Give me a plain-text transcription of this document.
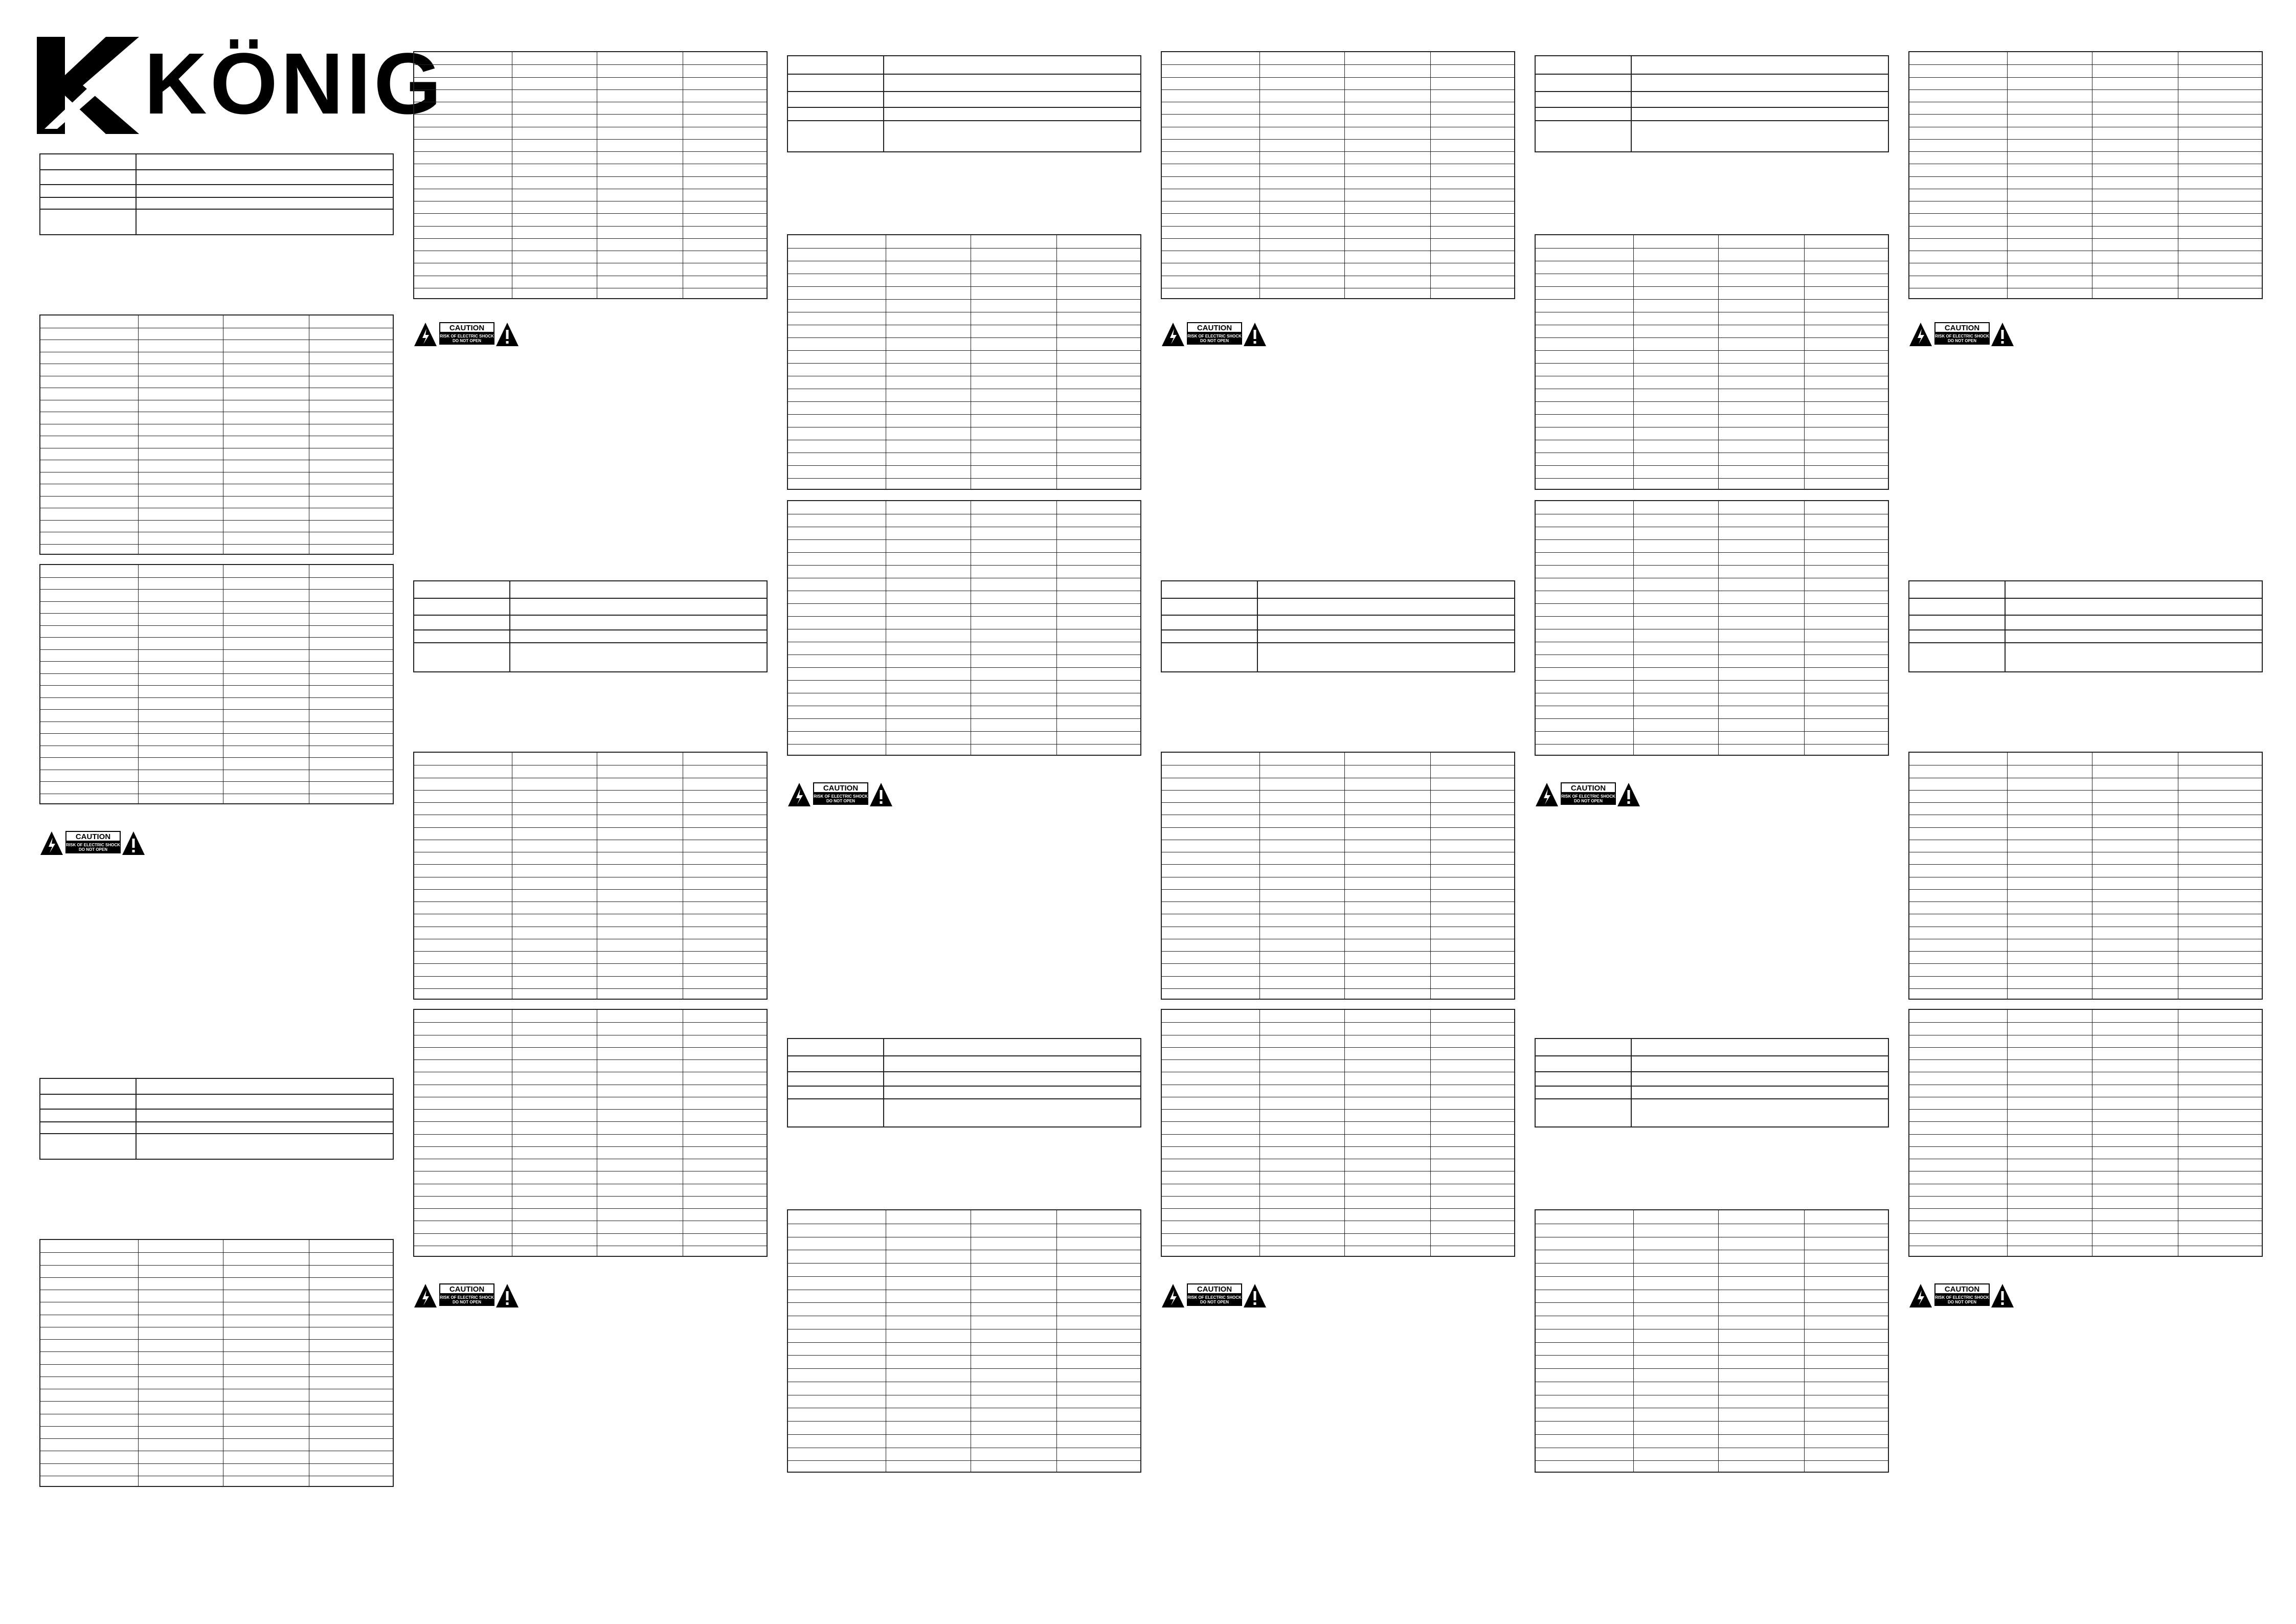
KÖNIG
CAUTION
RISK OF ELECTRIC SHOCK
DO NOT OPEN
CAUTION
RISK OF ELECTRIC SHOCK
DO NOT OPEN
CAUTION
RISK OF ELECTRIC SHOCK
DO NOT OPEN
CAUTION
RISK OF ELECTRIC SHOCK
DO NOT OPEN
CAUTION
RISK OF ELECTRIC SHOCK
DO NOT OPEN
CAUTION
RISK OF ELECTRIC SHOCK
DO NOT OPEN
CAUTION
RISK OF ELECTRIC SHOCK
DO NOT OPEN
CAUTION
RISK OF ELECTRIC SHOCK
DO NOT OPEN
CAUTION
RISK OF ELECTRIC SHOCK
DO NOT OPEN
